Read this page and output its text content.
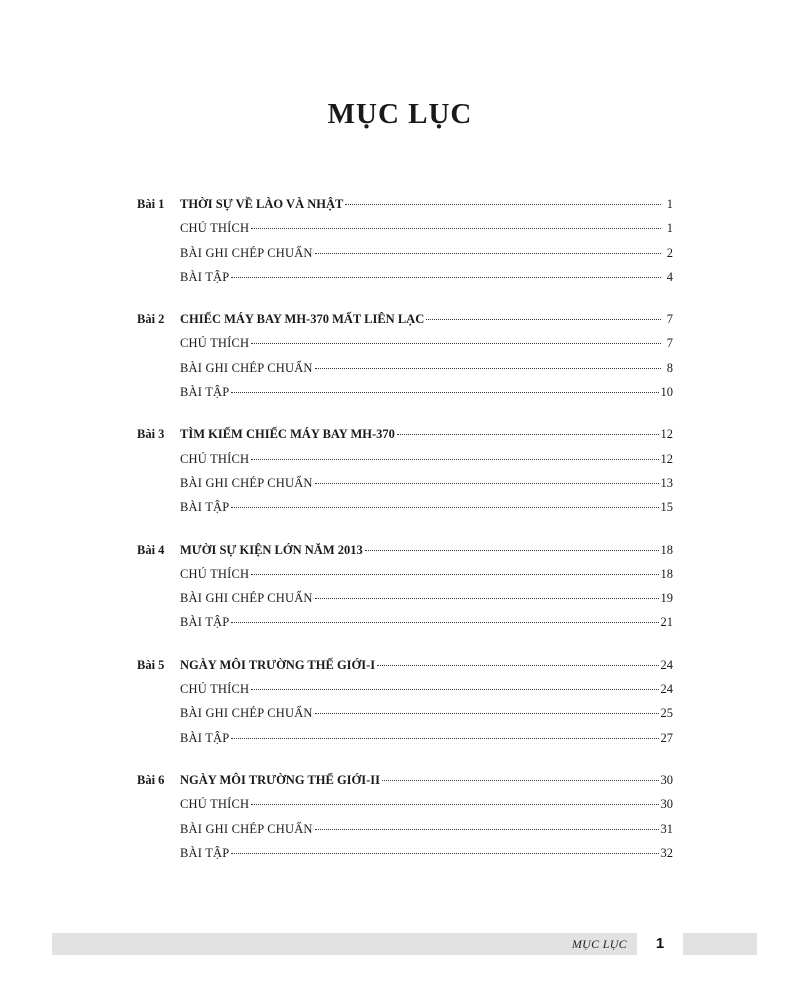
MỤC LỤC
Bài 1	THỜI SỰ VỀ LÀO VÀ NHẬT	1
CHÚ THÍCH	1
BÀI GHI CHÉP CHUẨN	2
BÀI TẬP	4
Bài 2	CHIẾC MÁY BAY MH-370 MẤT LIÊN LẠC	7
CHÚ THÍCH	7
BÀI GHI CHÉP CHUẨN	8
BÀI TẬP	10
Bài 3	TÌM KIẾM CHIẾC MÁY BAY MH-370	12
CHÚ THÍCH	12
BÀI GHI CHÉP CHUẨN	13
BÀI TẬP	15
Bài 4	MƯỜI SỰ KIỆN LỚN NĂM 2013	18
CHÚ THÍCH	18
BÀI GHI CHÉP CHUẨN	19
BÀI TẬP	21
Bài 5	NGÀY MÔI TRƯỜNG THẾ GIỚI-I	24
CHÚ THÍCH	24
BÀI GHI CHÉP CHUẨN	25
BÀI TẬP	27
Bài 6	NGÀY MÔI TRƯỜNG THẾ GIỚI-II	30
CHÚ THÍCH	30
BÀI GHI CHÉP CHUẨN	31
BÀI TẬP	32
MỤC LỤC	1
